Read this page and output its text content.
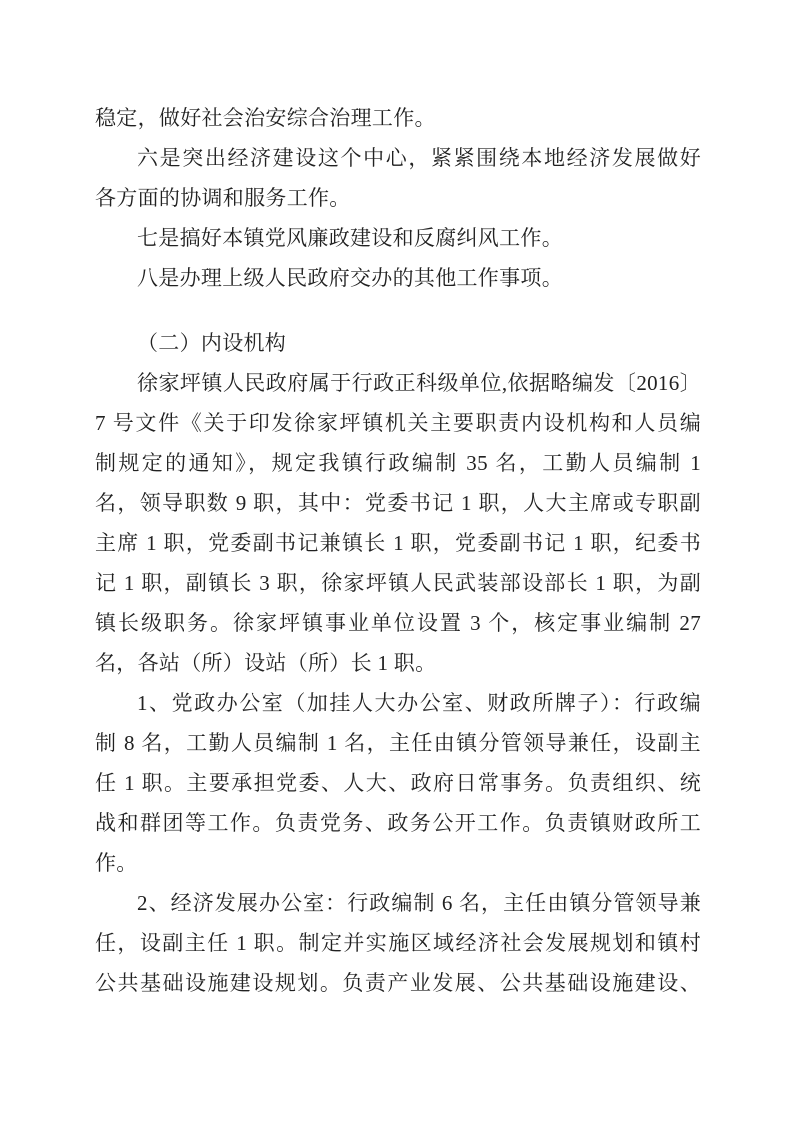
稳定，做好社会治安综合治理工作。
六是突出经济建设这个中心，紧紧围绕本地经济发展做好
各方面的协调和服务工作。
七是搞好本镇党风廉政建设和反腐纠风工作。
八是办理上级人民政府交办的其他工作事项。
（二）内设机构
徐家坪镇人民政府属于行政正科级单位,依据略编发〔2016〕
7 号文件《关于印发徐家坪镇机关主要职责内设机构和人员编
制规定的通知》，规定我镇行政编制 35 名，工勤人员编制 1
名，领导职数 9 职，其中：党委书记 1 职，人大主席或专职副
主席 1 职，党委副书记兼镇长 1 职，党委副书记 1 职，纪委书
记 1 职，副镇长 3 职，徐家坪镇人民武装部设部长 1 职，为副
镇长级职务。徐家坪镇事业单位设置 3 个，核定事业编制 27
名，各站（所）设站（所）长 1 职。
1、党政办公室（加挂人大办公室、财政所牌子）：行政编
制 8 名，工勤人员编制 1 名，主任由镇分管领导兼任，设副主
任 1 职。主要承担党委、人大、政府日常事务。负责组织、统
战和群团等工作。负责党务、政务公开工作。负责镇财政所工
作。
2、经济发展办公室：行政编制 6 名，主任由镇分管领导兼
任，设副主任 1 职。制定并实施区域经济社会发展规划和镇村
公共基础设施建设规划。负责产业发展、公共基础设施建设、
